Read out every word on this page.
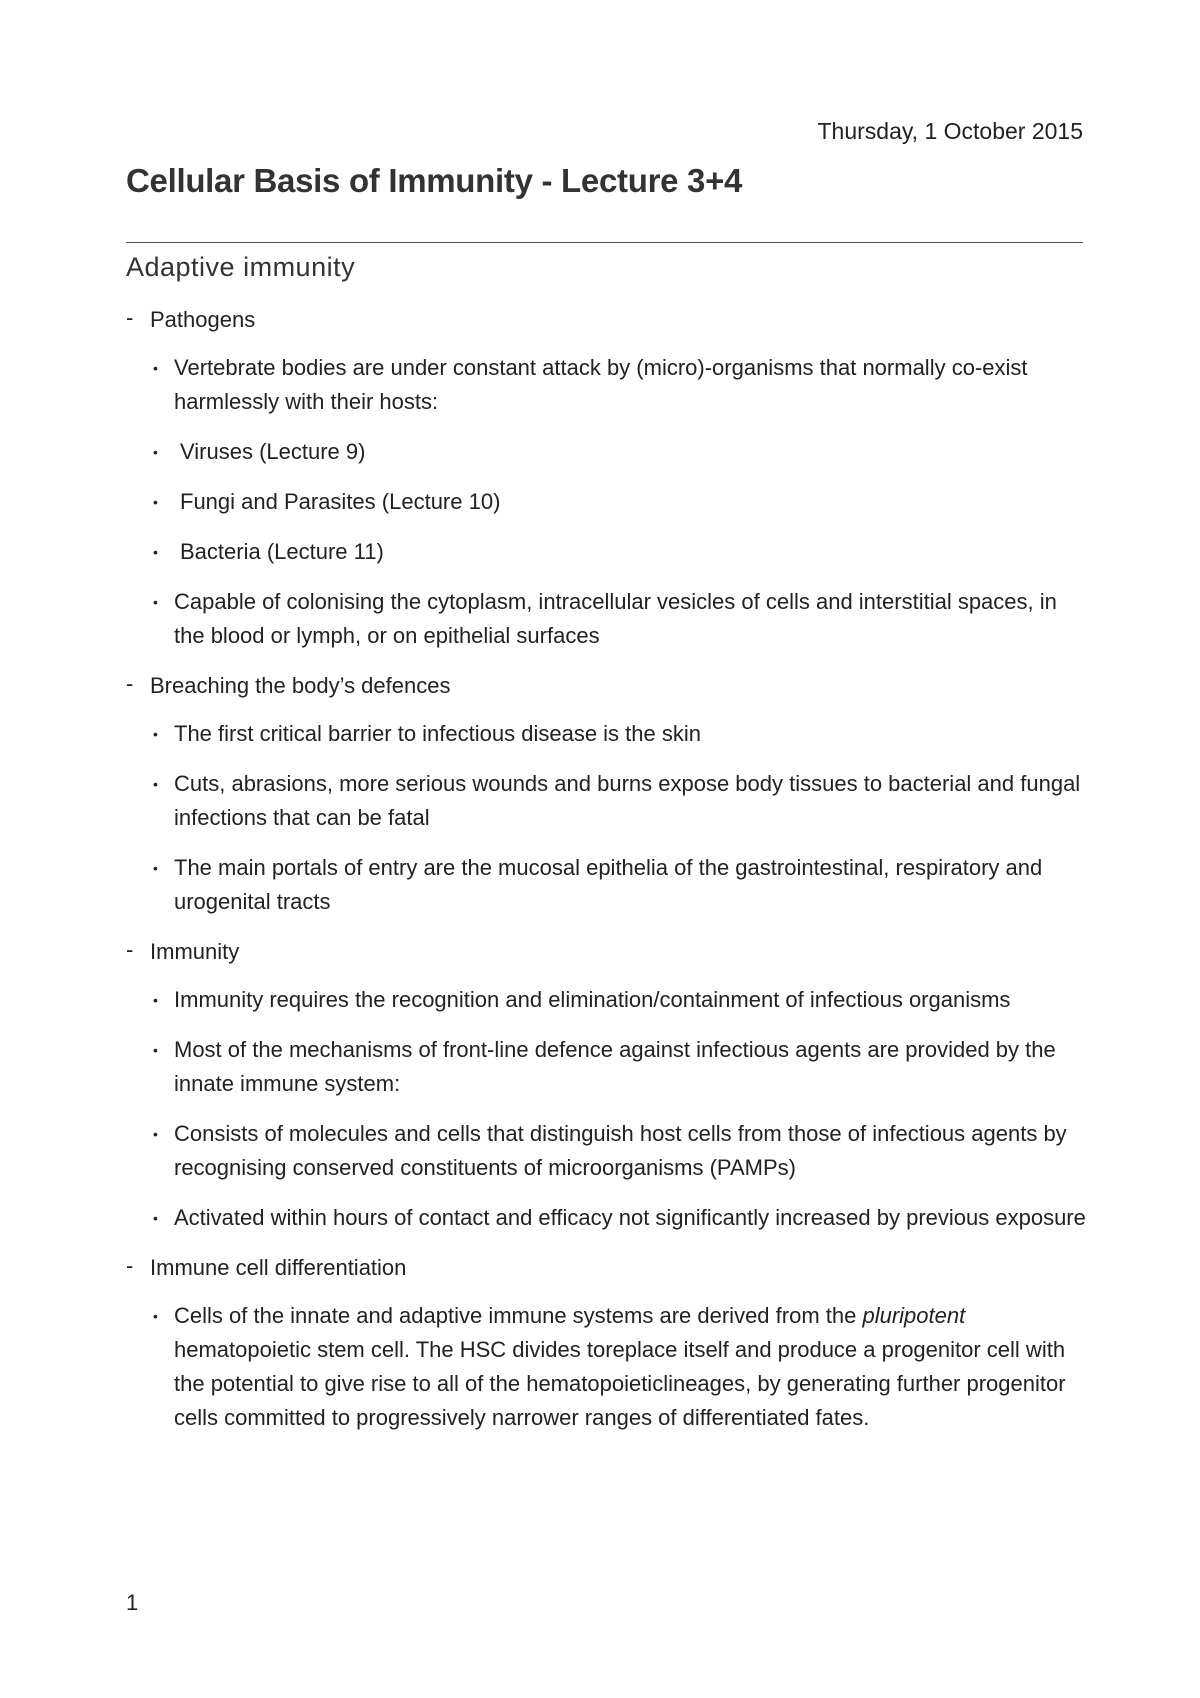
Thursday, 1 October 2015

Cellular Basis of Immunity - Lecture 3+4
Adaptive immunity
- Pathogens
• Vertebrate bodies are under constant attack by (micro)-organisms that normally co-exist harmlessly with their hosts:
• Viruses (Lecture 9)
• Fungi and Parasites (Lecture 10)
• Bacteria (Lecture 11)
• Capable of colonising the cytoplasm, intracellular vesicles of cells and interstitial spaces, in the blood or lymph, or on epithelial surfaces
- Breaching the body’s defences
• The first critical barrier to infectious disease is the skin
• Cuts, abrasions, more serious wounds and burns expose body tissues to bacterial and fungal infections that can be fatal
• The main portals of entry are the mucosal epithelia of the gastrointestinal, respiratory and urogenital tracts
- Immunity
• Immunity requires the recognition and elimination/containment of infectious organisms
• Most of the mechanisms of front-line defence against infectious agents are provided by the innate immune system:
• Consists of molecules and cells that distinguish host cells from those of infectious agents by recognising conserved constituents of microorganisms (PAMPs)
• Activated within hours of contact and efficacy not significantly increased by previous exposure
- Immune cell differentiation
• Cells of the innate and adaptive immune systems are derived from the pluripotent hematopoietic stem cell. The HSC divides toreplace itself and produce a progenitor cell with the potential to give rise to all of the hematopoieticlineages, by generating further progenitor cells committed to progressively narrower ranges of differentiated fates.

1
